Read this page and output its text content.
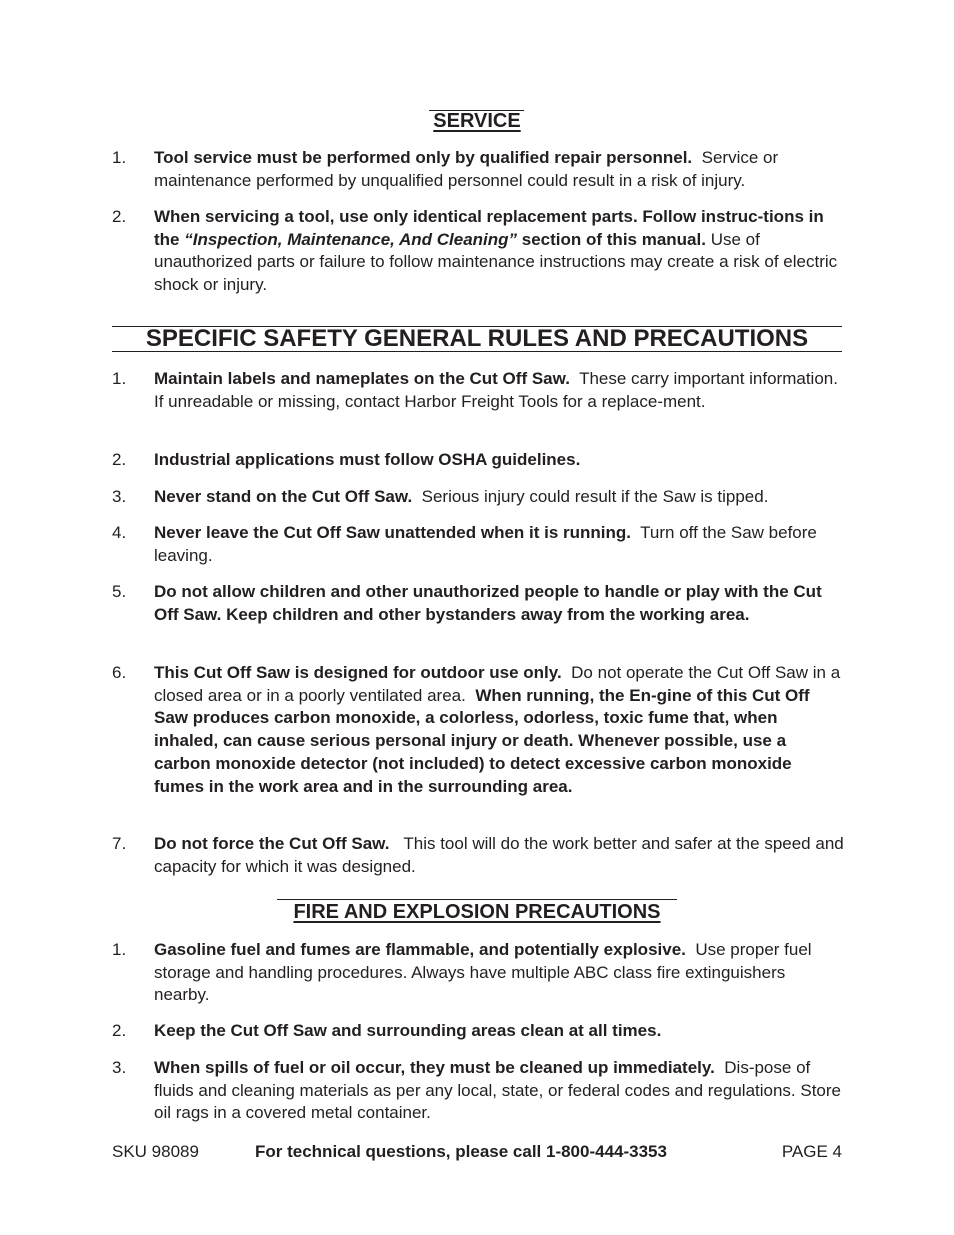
SERVICE
1.	Tool service must be performed only by qualified repair personnel. Service or maintenance performed by unqualified personnel could result in a risk of injury.
2.	When servicing a tool, use only identical replacement parts. Follow instruc-tions in the “Inspection, Maintenance, And Cleaning” section of this manual. Use of unauthorized parts or failure to follow maintenance instructions may create a risk of electric shock or injury.
SPECIFIC SAFETY GENERAL RULES AND PRECAUTIONS
1.	Maintain labels and nameplates on the Cut Off Saw. These carry important information. If unreadable or missing, contact Harbor Freight Tools for a replace-ment.
2.	Industrial applications must follow OSHA guidelines.
3.	Never stand on the Cut Off Saw. Serious injury could result if the Saw is tipped.
4.	Never leave the Cut Off Saw unattended when it is running. Turn off the Saw before leaving.
5.	Do not allow children and other unauthorized people to handle or play with the Cut Off Saw. Keep children and other bystanders away from the working area.
6.	This Cut Off Saw is designed for outdoor use only. Do not operate the Cut Off Saw in a closed area or in a poorly ventilated area. When running, the En-gine of this Cut Off Saw produces carbon monoxide, a colorless, odorless, toxic fume that, when inhaled, can cause serious personal injury or death. Whenever possible, use a carbon monoxide detector (not included) to detect excessive carbon monoxide fumes in the work area and in the surrounding area.
7.	Do not force the Cut Off Saw. This tool will do the work better and safer at the speed and capacity for which it was designed.
FIRE AND EXPLOSION PRECAUTIONS
1.	Gasoline fuel and fumes are flammable, and potentially explosive. Use proper fuel storage and handling procedures. Always have multiple ABC class fire extinguishers nearby.
2.	Keep the Cut Off Saw and surrounding areas clean at all times.
3.	When spills of fuel or oil occur, they must be cleaned up immediately. Dis-pose of fluids and cleaning materials as per any local, state, or federal codes and regulations. Store oil rags in a covered metal container.
SKU 98089	For technical questions, please call 1-800-444-3353	PAGE 4
